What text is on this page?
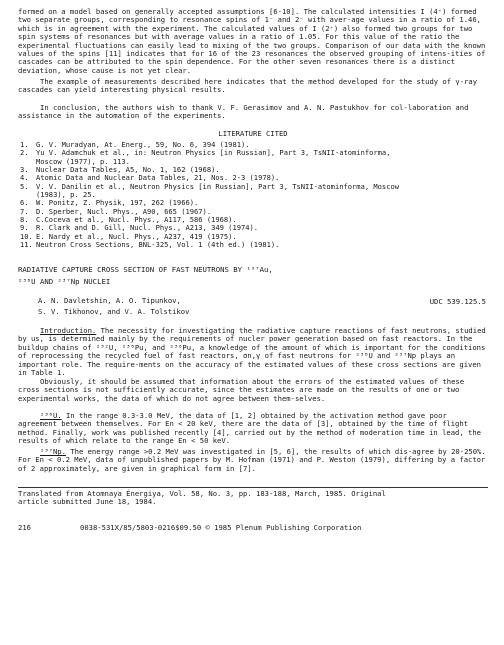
formed on a model based on generally accepted assumptions [6-10]. The calculated intensities I (4⁺) formed two separate groups, corresponding to resonance spins of 1⁻ and 2⁻ with aver-age values in a ratio of 1.46, which is in agreement with the experiment. The calculated values of I (2⁺) also formed two groups for two spin systems of resonances but with average values in a ratio of 1.05. For this value of the ratio the experimental fluctuations can easily lead to mixing of the two groups. Comparison of our data with the known values of the spins [11] indicates that for 16 of the 23 resonances the observed grouping of intens-ities of cascades can be attributed to the spin dependence. For the other seven resonances there is a distinct deviation, whose cause is not yet clear.
The example of measurements described here indicates that the method developed for the study of γ-ray cascades can yield interesting physical results.
In conclusion, the authors wish to thank V. F. Gerasimov and A. N. Pastukhov for col-laboration and assistance in the automation of the experiments.
LITERATURE CITED
1.	G. V. Muradyan, At. Energ., 59, No. 6, 394 (1981).
2.	Yu V. Adamchuk et al., in: Neutron Physics [in Russian], Part 3, TsNII-atominforma,
Moscow (1977), p. 113.
3.	Nuclear Data Tables, A5, No. 1, 162 (1968).
4.	Atomic Data and Nuclear Data Tables, 21, Nos. 2-3 (1978).
5.	V. V. Danilin et al., Neutron Physics [in Russian], Part 3, TsNII-atominforma, Moscow
(1983), p. 25.
6.	W. Ponitz, Z. Physik, 197, 262 (1966).
7.	D. Sperber, Nucl. Phys., A90, 665 (1967).
8.	C.Coceva et al., Nucl. Phys., A117, 586 (1968).
9.	R. Clark and D. Gill, Nucl. Phys., A213, 349 (1974).
10. E. Nardy et al., Nucl. Phys., A237, 419 (1975).
11. Neutron Cross Sections, BNL-325, Vol. 1 (4th ed.) (1981).
RADIATIVE CAPTURE CROSS SECTION OF FAST NEUTRONS BY ¹⁹⁷Au,
²³⁸U AND ²³⁷Np NUCLEI
A. N. Davletshin, A. O. Tipunkov,
S. V. Tikhonov, and V. A. Tolstikov
UDC 539.125.5
Introduction. The necessity for investigating the radiative capture reactions of fast neutrons, studied by us, is determined mainly by the requirements of nucler power generation based on fast reactors. In the buildup chains of ²³²U, ²³⁸Pu, and ²³⁶Pu, a knowledge of the amount of which is important for the conditions of reprocessing the recycled fuel of fast reactors, σn,γ of fast neutrons for ²³⁸U and ²³⁷Np plays an important role. The require-ments on the accuracy of the estimated values of these cross sections are given in Table 1.
Obviously, it should be assumed that information about the errors of the estimated values of these cross sections is not sufficiently accurate, since the estimates are made on the results of one or two experimental works, the data of which do not agree between them-selves.
²³⁸U. In the range 0.3-3.0 MeV, the data of [1, 2] obtained by the activation method gave poor agreement between themselves. For En < 20 keV, there are the data of [3], obtained by the time of flight method. Finally, work was published recently [4], carried out by the method of moderation time in lead, the results of which relate to the range En < 50 keV.
²³⁷Np. The energy range >0.2 MeV was investigated in [5, 6], the results of which dis-agree by 20-250%. For En < 0.2 MeV, data of unpublished papers by M. Hofman (1971) and P. Weston (1979), differing by a factor of 2 approximately, are given in graphical form in [7].
Translated from Atomnaya Énergiya, Vol. 58, No. 3, pp. 183-188, March, 1985. Original
article submitted June 18, 1984.
216	0038-531X/85/5803-0216$09.50 © 1985 Plenum Publishing Corporation
